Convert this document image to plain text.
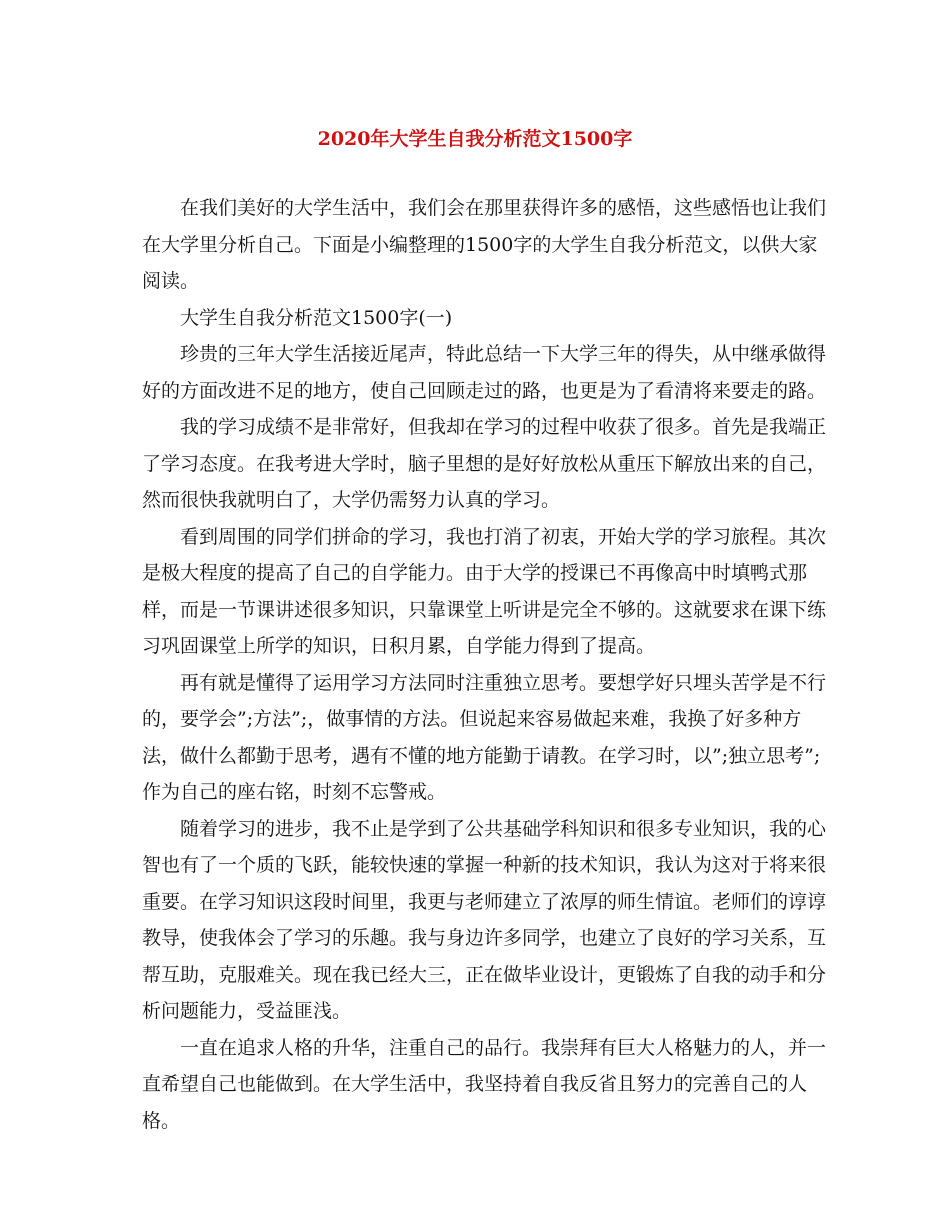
2020年大学生自我分析范文1500字

在我们美好的大学生活中，我们会在那里获得许多的感悟，这些感悟也让我们在大学里分析自己。下面是小编整理的1500字的大学生自我分析范文，以供大家阅读。

大学生自我分析范文1500字(一)

珍贵的三年大学生活接近尾声，特此总结一下大学三年的得失，从中继承做得好的方面改进不足的地方，使自己回顾走过的路，也更是为了看清将来要走的路。

我的学习成绩不是非常好，但我却在学习的过程中收获了很多。首先是我端正了学习态度。在我考进大学时，脑子里想的是好好放松从重压下解放出来的自己，然而很快我就明白了，大学仍需努力认真的学习。

看到周围的同学们拼命的学习，我也打消了初衷，开始大学的学习旅程。其次是极大程度的提高了自己的自学能力。由于大学的授课已不再像高中时填鸭式那样，而是一节课讲述很多知识，只靠课堂上听讲是完全不够的。这就要求在课下练习巩固课堂上所学的知识，日积月累，自学能力得到了提高。

再有就是懂得了运用学习方法同时注重独立思考。要想学好只埋头苦学是不行的，要学会”;方法”;，做事情的方法。但说起来容易做起来难，我换了好多种方法，做什么都勤于思考，遇有不懂的地方能勤于请教。在学习时，以”;独立思考”;作为自己的座右铭，时刻不忘警戒。

随着学习的进步，我不止是学到了公共基础学科知识和很多专业知识，我的心智也有了一个质的飞跃，能较快速的掌握一种新的技术知识，我认为这对于将来很重要。在学习知识这段时间里，我更与老师建立了浓厚的师生情谊。老师们的谆谆教导，使我体会了学习的乐趣。我与身边许多同学，也建立了良好的学习关系，互帮互助，克服难关。现在我已经大三，正在做毕业设计，更锻炼了自我的动手和分析问题能力，受益匪浅。

一直在追求人格的升华，注重自己的品行。我崇拜有巨大人格魅力的人，并一直希望自己也能做到。在大学生活中，我坚持着自我反省且努力的完善自己的人格。
